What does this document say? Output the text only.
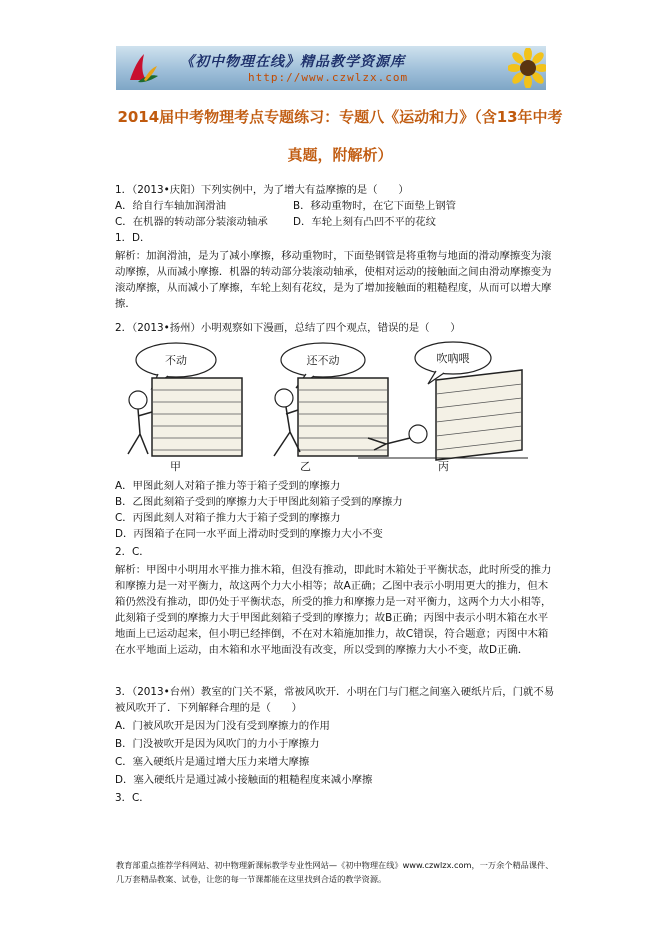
《初中物理在线》精品教学资源库
http://www.czwlzx.com
2014届中考物理考点专题练习：专题八《运动和力》（含13年中考
真题，附解析）
1．（2013•庆阳）下列实例中，为了增大有益摩擦的是（　　）
A．给自行车轴加润滑油	B．移动重物时，在它下面垫上钢管
C．在机器的转动部分装滚动轴承 D．车轮上刻有凸凹不平的花纹
1．D．
解析：加润滑油，是为了减小摩擦，移动重物时，下面垫钢管是将重物与地面的滑动摩擦变为滚动摩擦，从而减小摩擦．机器的转动部分装滚动轴承，使相对运动的接触面之间由滑动摩擦变为滚动摩擦，从而减小了摩擦，车轮上刻有花纹，是为了增加接触面的粗糙程度，从而可以增大摩擦．
2．（2013•扬州）小明观察如下漫画，总结了四个观点，错误的是（　　）
不动	还不动	吹吶喂
甲	乙	丙
A．甲图此刻人对箱子推力等于箱子受到的摩擦力
B．乙图此刻箱子受到的摩擦力大于甲图此刻箱子受到的摩擦力
C．丙图此刻人对箱子推力大于箱子受到的摩擦力
D．丙图箱子在同一水平面上滑动时受到的摩擦力大小不变
2．C．
解析：甲图中小明用水平推力推木箱，但没有推动，即此时木箱处于平衡状态，此时所受的推力和摩擦力是一对平衡力，故这两个力大小相等；故A正确；乙图中表示小明用更大的推力，但木箱仍然没有推动，即仍处于平衡状态，所受的推力和摩擦力是一对平衡力，这两个力大小相等，此刻箱子受到的摩擦力大于甲图此刻箱子受到的摩擦力；故B正确；丙图中表示小明木箱在水平地面上已运动起来，但小明已经摔倒，不在对木箱施加推力，故C错误，符合题意；丙图中木箱在水平地面上运动，由木箱和水平地面没有改变，所以受到的摩擦力大小不变，故D正确．
3．（2013•台州）教室的门关不紧，常被风吹开．小明在门与门框之间塞入硬纸片后，门就不易被风吹开了．下列解释合理的是（　　）
A．门被风吹开是因为门没有受到摩擦力的作用
B．门没被吹开是因为风吹门的力小于摩擦力
C．塞入硬纸片是通过增大压力来增大摩擦
D．塞入硬纸片是通过减小接触面的粗糙程度来减小摩擦
3．C．
教育部重点推荐学科网站、初中物理新课标教学专业性网站—《初中物理在线》www.czwlzx.com，一万余个精品课件、几万套精品教案、试卷，让您的每一节课都能在这里找到合适的教学资源。
